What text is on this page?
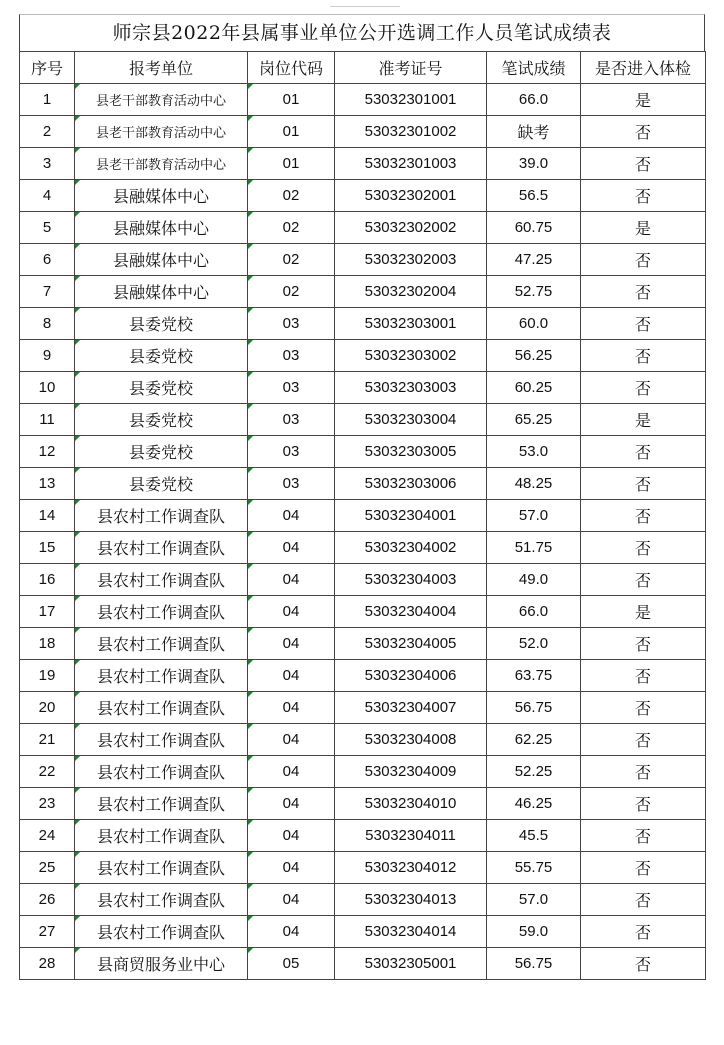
师宗县2022年县属事业单位公开选调工作人员笔试成绩表
序号	报考单位	岗位代码	准考证号	笔试成绩	是否进入体检
1	县老干部教育活动中心	01	53032301001	66.0	是
2	县老干部教育活动中心	01	53032301002	缺考	否
3	县老干部教育活动中心	01	53032301003	39.0	否
4	县融媒体中心	02	53032302001	56.5	否
5	县融媒体中心	02	53032302002	60.75	是
6	县融媒体中心	02	53032302003	47.25	否
7	县融媒体中心	02	53032302004	52.75	否
8	县委党校	03	53032303001	60.0	否
9	县委党校	03	53032303002	56.25	否
10	县委党校	03	53032303003	60.25	否
11	县委党校	03	53032303004	65.25	是
12	县委党校	03	53032303005	53.0	否
13	县委党校	03	53032303006	48.25	否
14	县农村工作调查队	04	53032304001	57.0	否
15	县农村工作调查队	04	53032304002	51.75	否
16	县农村工作调查队	04	53032304003	49.0	否
17	县农村工作调查队	04	53032304004	66.0	是
18	县农村工作调查队	04	53032304005	52.0	否
19	县农村工作调查队	04	53032304006	63.75	否
20	县农村工作调查队	04	53032304007	56.75	否
21	县农村工作调查队	04	53032304008	62.25	否
22	县农村工作调查队	04	53032304009	52.25	否
23	县农村工作调查队	04	53032304010	46.25	否
24	县农村工作调查队	04	53032304011	45.5	否
25	县农村工作调查队	04	53032304012	55.75	否
26	县农村工作调查队	04	53032304013	57.0	否
27	县农村工作调查队	04	53032304014	59.0	否
28	县商贸服务业中心	05	53032305001	56.75	否
